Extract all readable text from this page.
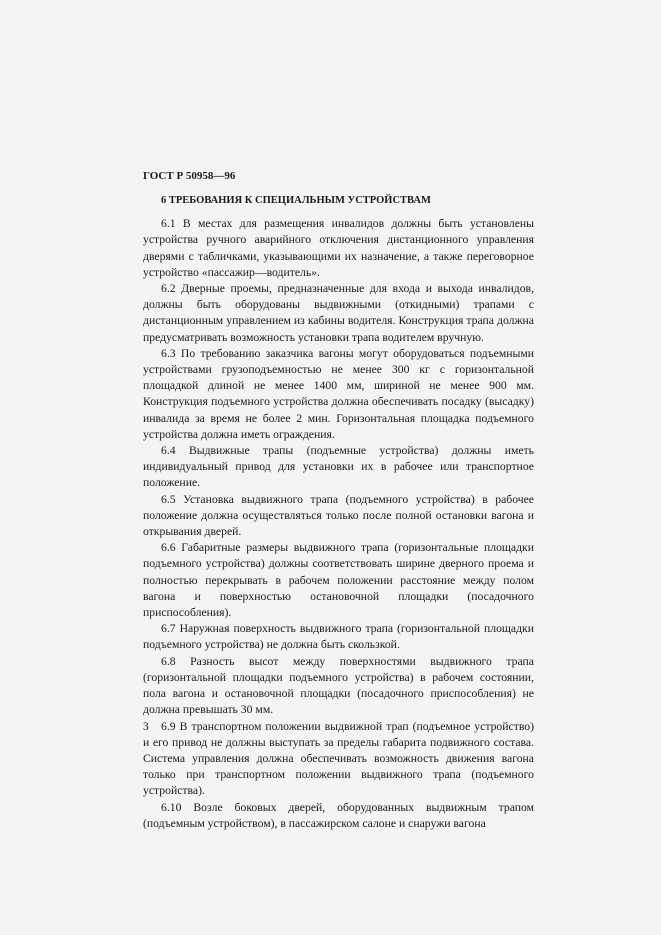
ГОСТ Р 50958—96
6 ТРЕБОВАНИЯ К СПЕЦИАЛЬНЫМ УСТРОЙСТВАМ

6.1 В местах для размещения инвалидов должны быть установлены устройства ручного аварийного отключения дистанционного управления дверями с табличками, указывающими их назначение, а также переговорное устройство «пассажир—водитель».

6.2 Дверные проемы, предназначенные для входа и выхода инвалидов, должны быть оборудованы выдвижными (откидными) трапами с дистанционным управлением из кабины водителя. Конструкция трапа должна предусматривать возможность установки трапа водителем вручную.

6.3 По требованию заказчика вагоны могут оборудоваться подъемными устройствами грузоподъемностью не менее 300 кг с горизонтальной площадкой длиной не менее 1400 мм, шириной не менее 900 мм. Конструкция подъемного устройства должна обеспечивать посадку (высадку) инвалида за время не более 2 мин. Горизонтальная площадка подъемного устройства должна иметь ограждения.

6.4 Выдвижные трапы (подъемные устройства) должны иметь индивидуальный привод для установки их в рабочее или транспортное положение.

6.5 Установка выдвижного трапа (подъемного устройства) в рабочее положение должна осуществляться только после полной остановки вагона и открывания дверей.

6.6 Габаритные размеры выдвижного трапа (горизонтальные площадки подъемного устройства) должны соответствовать ширине дверного проема и полностью перекрывать в рабочем положении расстояние между полом вагона и поверхностью остановочной площадки (посадочного приспособления).

6.7 Наружная поверхность выдвижного трапа (горизонтальной площадки подъемного устройства) не должна быть скользкой.

6.8 Разность высот между поверхностями выдвижного трапа (горизонтальной площадки подъемного устройства) в рабочем состоянии, пола вагона и остановочной площадки (посадочного приспособления) не должна превышать 30 мм.

6.9 В транспортном положении выдвижной трап (подъемное устройство) и его привод не должны выступать за пределы габарита подвижного состава. Система управления должна обеспечивать возможность движения вагона только при транспортном положении выдвижного трапа (подъемного устройства).

6.10 Возле боковых дверей, оборудованных выдвижным трапом (подъемным устройством), в пассажирском салоне и снаружи вагона

3
